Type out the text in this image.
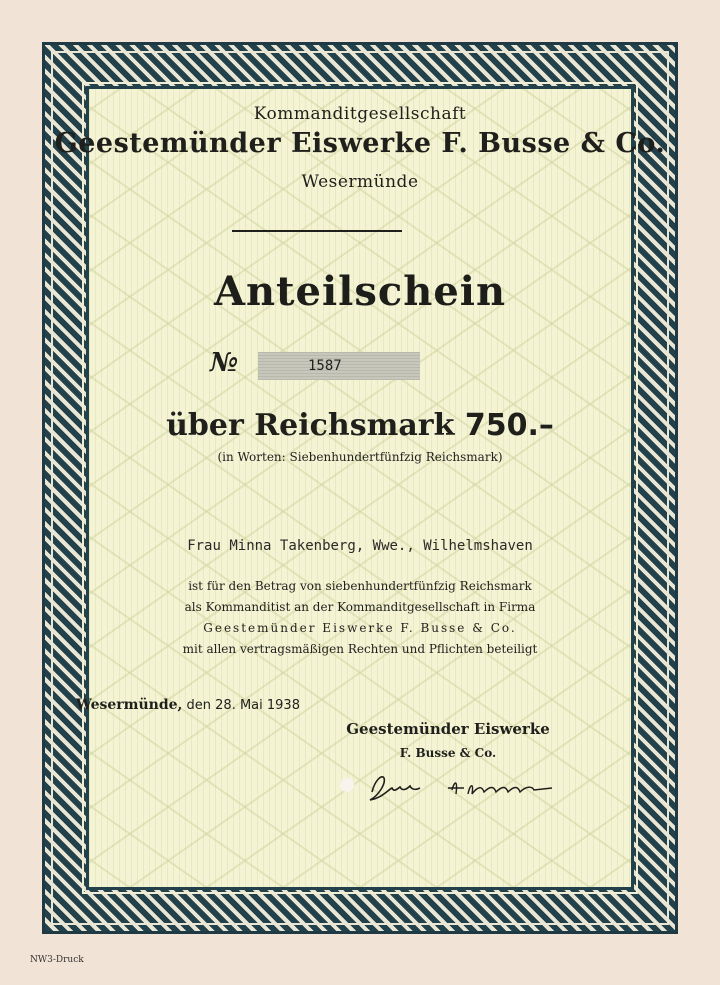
Kommanditgesellschaft
Geestemünder Eiswerke F. Busse & Co.
Wesermünde
Anteilschein
№	1587
über Reichsmark 750.–
(in Worten: Siebenhundertfünfzig Reichsmark)
Frau Minna Takenberg, Wwe., Wilhelmshaven
ist für den Betrag von siebenhundertfünfzig Reichsmark
als Kommanditist an der Kommanditgesellschaft in Firma
Geestemünder Eiswerke F. Busse & Co.
mit allen vertragsmäßigen Rechten und Pflichten beteiligt
Wesermünde, den 28. Mai 1938
Geestemünder Eiswerke
F. Busse & Co.
NW3-Druck
